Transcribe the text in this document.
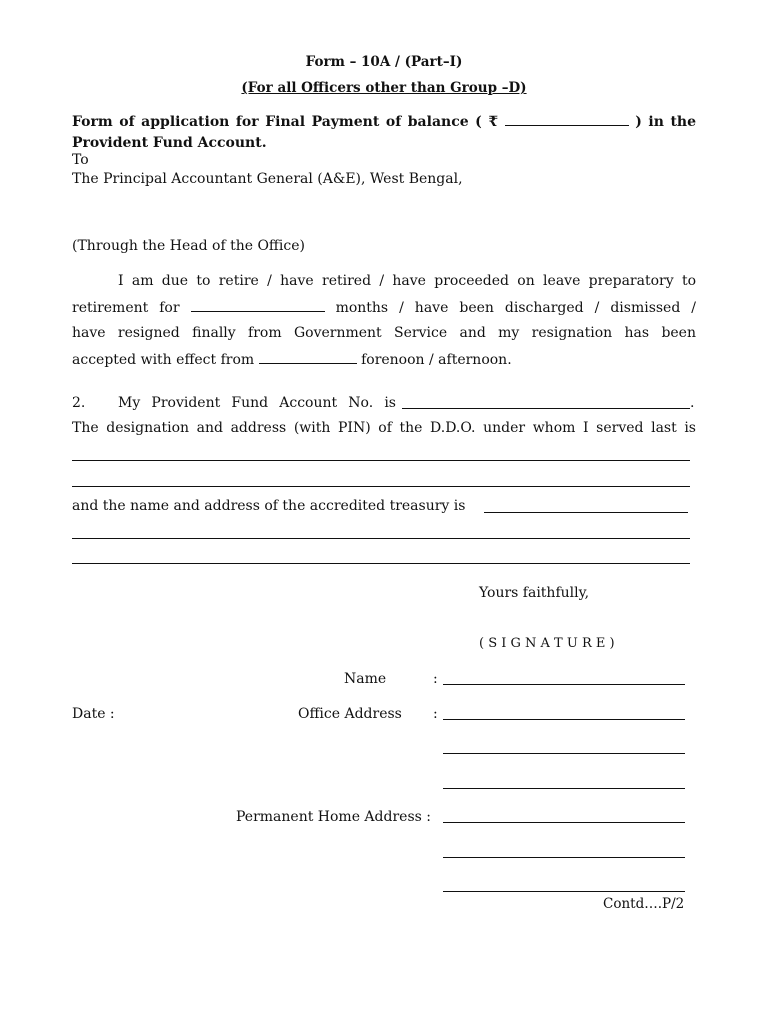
Form – 10A / (Part–I)
(For all Officers other than Group –D)
Form of application for Final Payment of balance ( ₹	) in the
Provident Fund Account.
To
The Principal Accountant General (A&E), West Bengal,
(Through the Head of the Office)
I am due to retire / have retired / have proceeded on leave preparatory to
retirement for	months / have been discharged / dismissed /
have resigned finally from Government Service and my resignation has been
accepted with effect from	forenoon / afternoon.
2. My Provident Fund Account No. is	.
The designation and address (with PIN) of the D.D.O. under whom I served last is
and the name and address of the accredited treasury is
Yours faithfully,
( S I G N A T U R E )
Name	:
Date :	Office Address :
Permanent Home Address :
Contd….P/2
